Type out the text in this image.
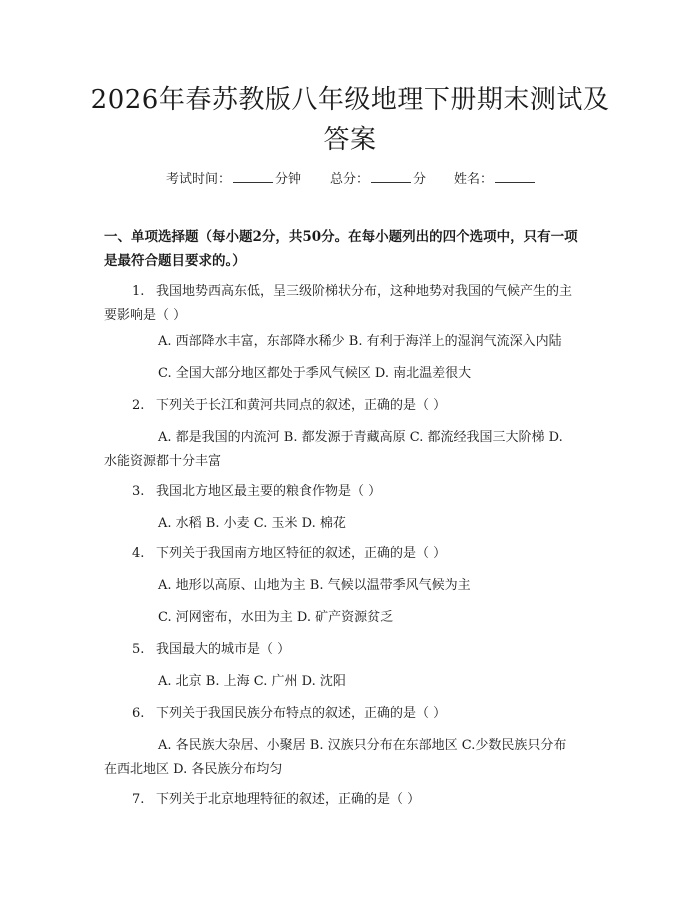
2026年春苏教版八年级地理下册期末测试及
答案
考试时间：	分钟 总分：	分 姓名：
一、单项选择题（每小题2分，共50分。在每小题列出的四个选项中，只有一项
是最符合题目要求的。）
1. 我国地势西高东低，呈三级阶梯状分布，这种地势对我国的气候产生的主
要影响是（ ）
A. 西部降水丰富，东部降水稀少 B. 有利于海洋上的湿润气流深入内陆
C. 全国大部分地区都处于季风气候区 D. 南北温差很大
2. 下列关于长江和黄河共同点的叙述，正确的是（ ）
A. 都是我国的内流河 B. 都发源于青藏高原 C. 都流经我国三大阶梯 D.
水能资源都十分丰富
3. 我国北方地区最主要的粮食作物是（ ）
A. 水稻 B. 小麦 C. 玉米 D. 棉花
4. 下列关于我国南方地区特征的叙述，正确的是（ ）
A. 地形以高原、山地为主 B. 气候以温带季风气候为主
C. 河网密布，水田为主 D. 矿产资源贫乏
5. 我国最大的城市是（ ）
A. 北京 B. 上海 C. 广州 D. 沈阳
6. 下列关于我国民族分布特点的叙述，正确的是（ ）
A. 各民族大杂居、小聚居 B. 汉族只分布在东部地区 C.少数民族只分布
在西北地区 D. 各民族分布均匀
7. 下列关于北京地理特征的叙述，正确的是（ ）
